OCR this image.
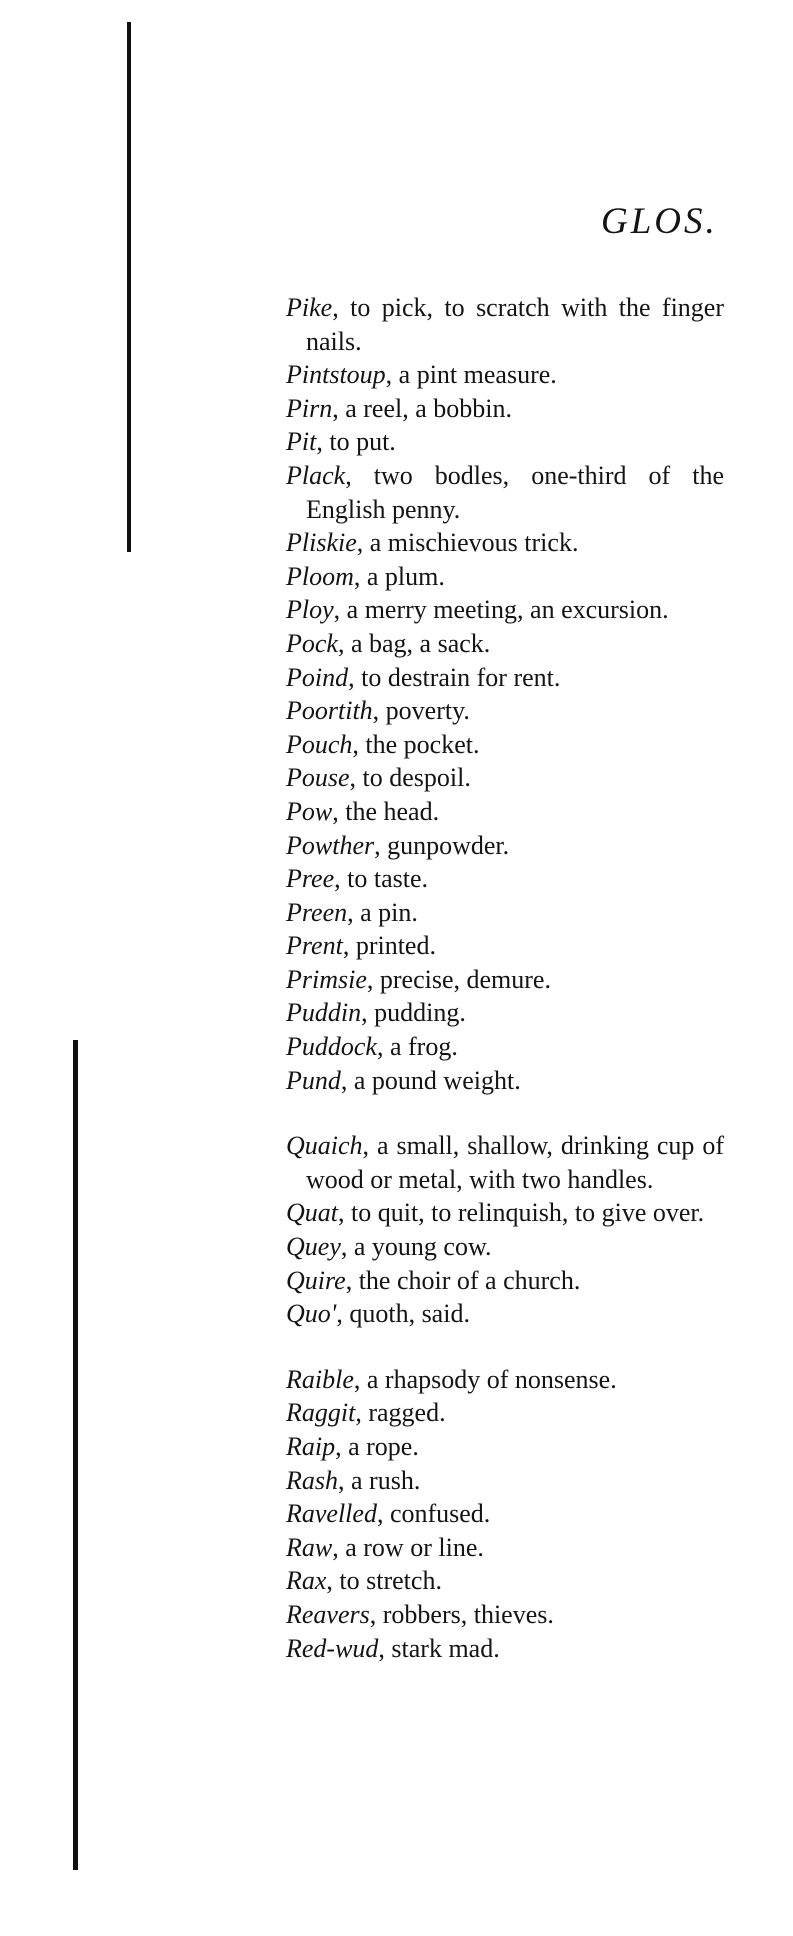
GLOS.
Pike, to pick, to scratch with the finger nails.
Pintstoup, a pint measure.
Pirn, a reel, a bobbin.
Pit, to put.
Plack, two bodles, one-third of the English penny.
Pliskie, a mischievous trick.
Ploom, a plum.
Ploy, a merry meeting, an excursion.
Pock, a bag, a sack.
Poind, to destrain for rent.
Poortith, poverty.
Pouch, the pocket.
Pouse, to despoil.
Pow, the head.
Powther, gunpowder.
Pree, to taste.
Preen, a pin.
Prent, printed.
Primsie, precise, demure.
Puddin, pudding.
Puddock, a frog.
Pund, a pound weight.
Quaich, a small, shallow, drinking cup of wood or metal, with two handles.
Quat, to quit, to relinquish, to give over.
Quey, a young cow.
Quire, the choir of a church.
Quo', quoth, said.
Raible, a rhapsody of nonsense.
Raggit, ragged.
Raip, a rope.
Rash, a rush.
Ravelled, confused.
Raw, a row or line.
Rax, to stretch.
Reavers, robbers, thieves.
Red-wud, stark mad.
